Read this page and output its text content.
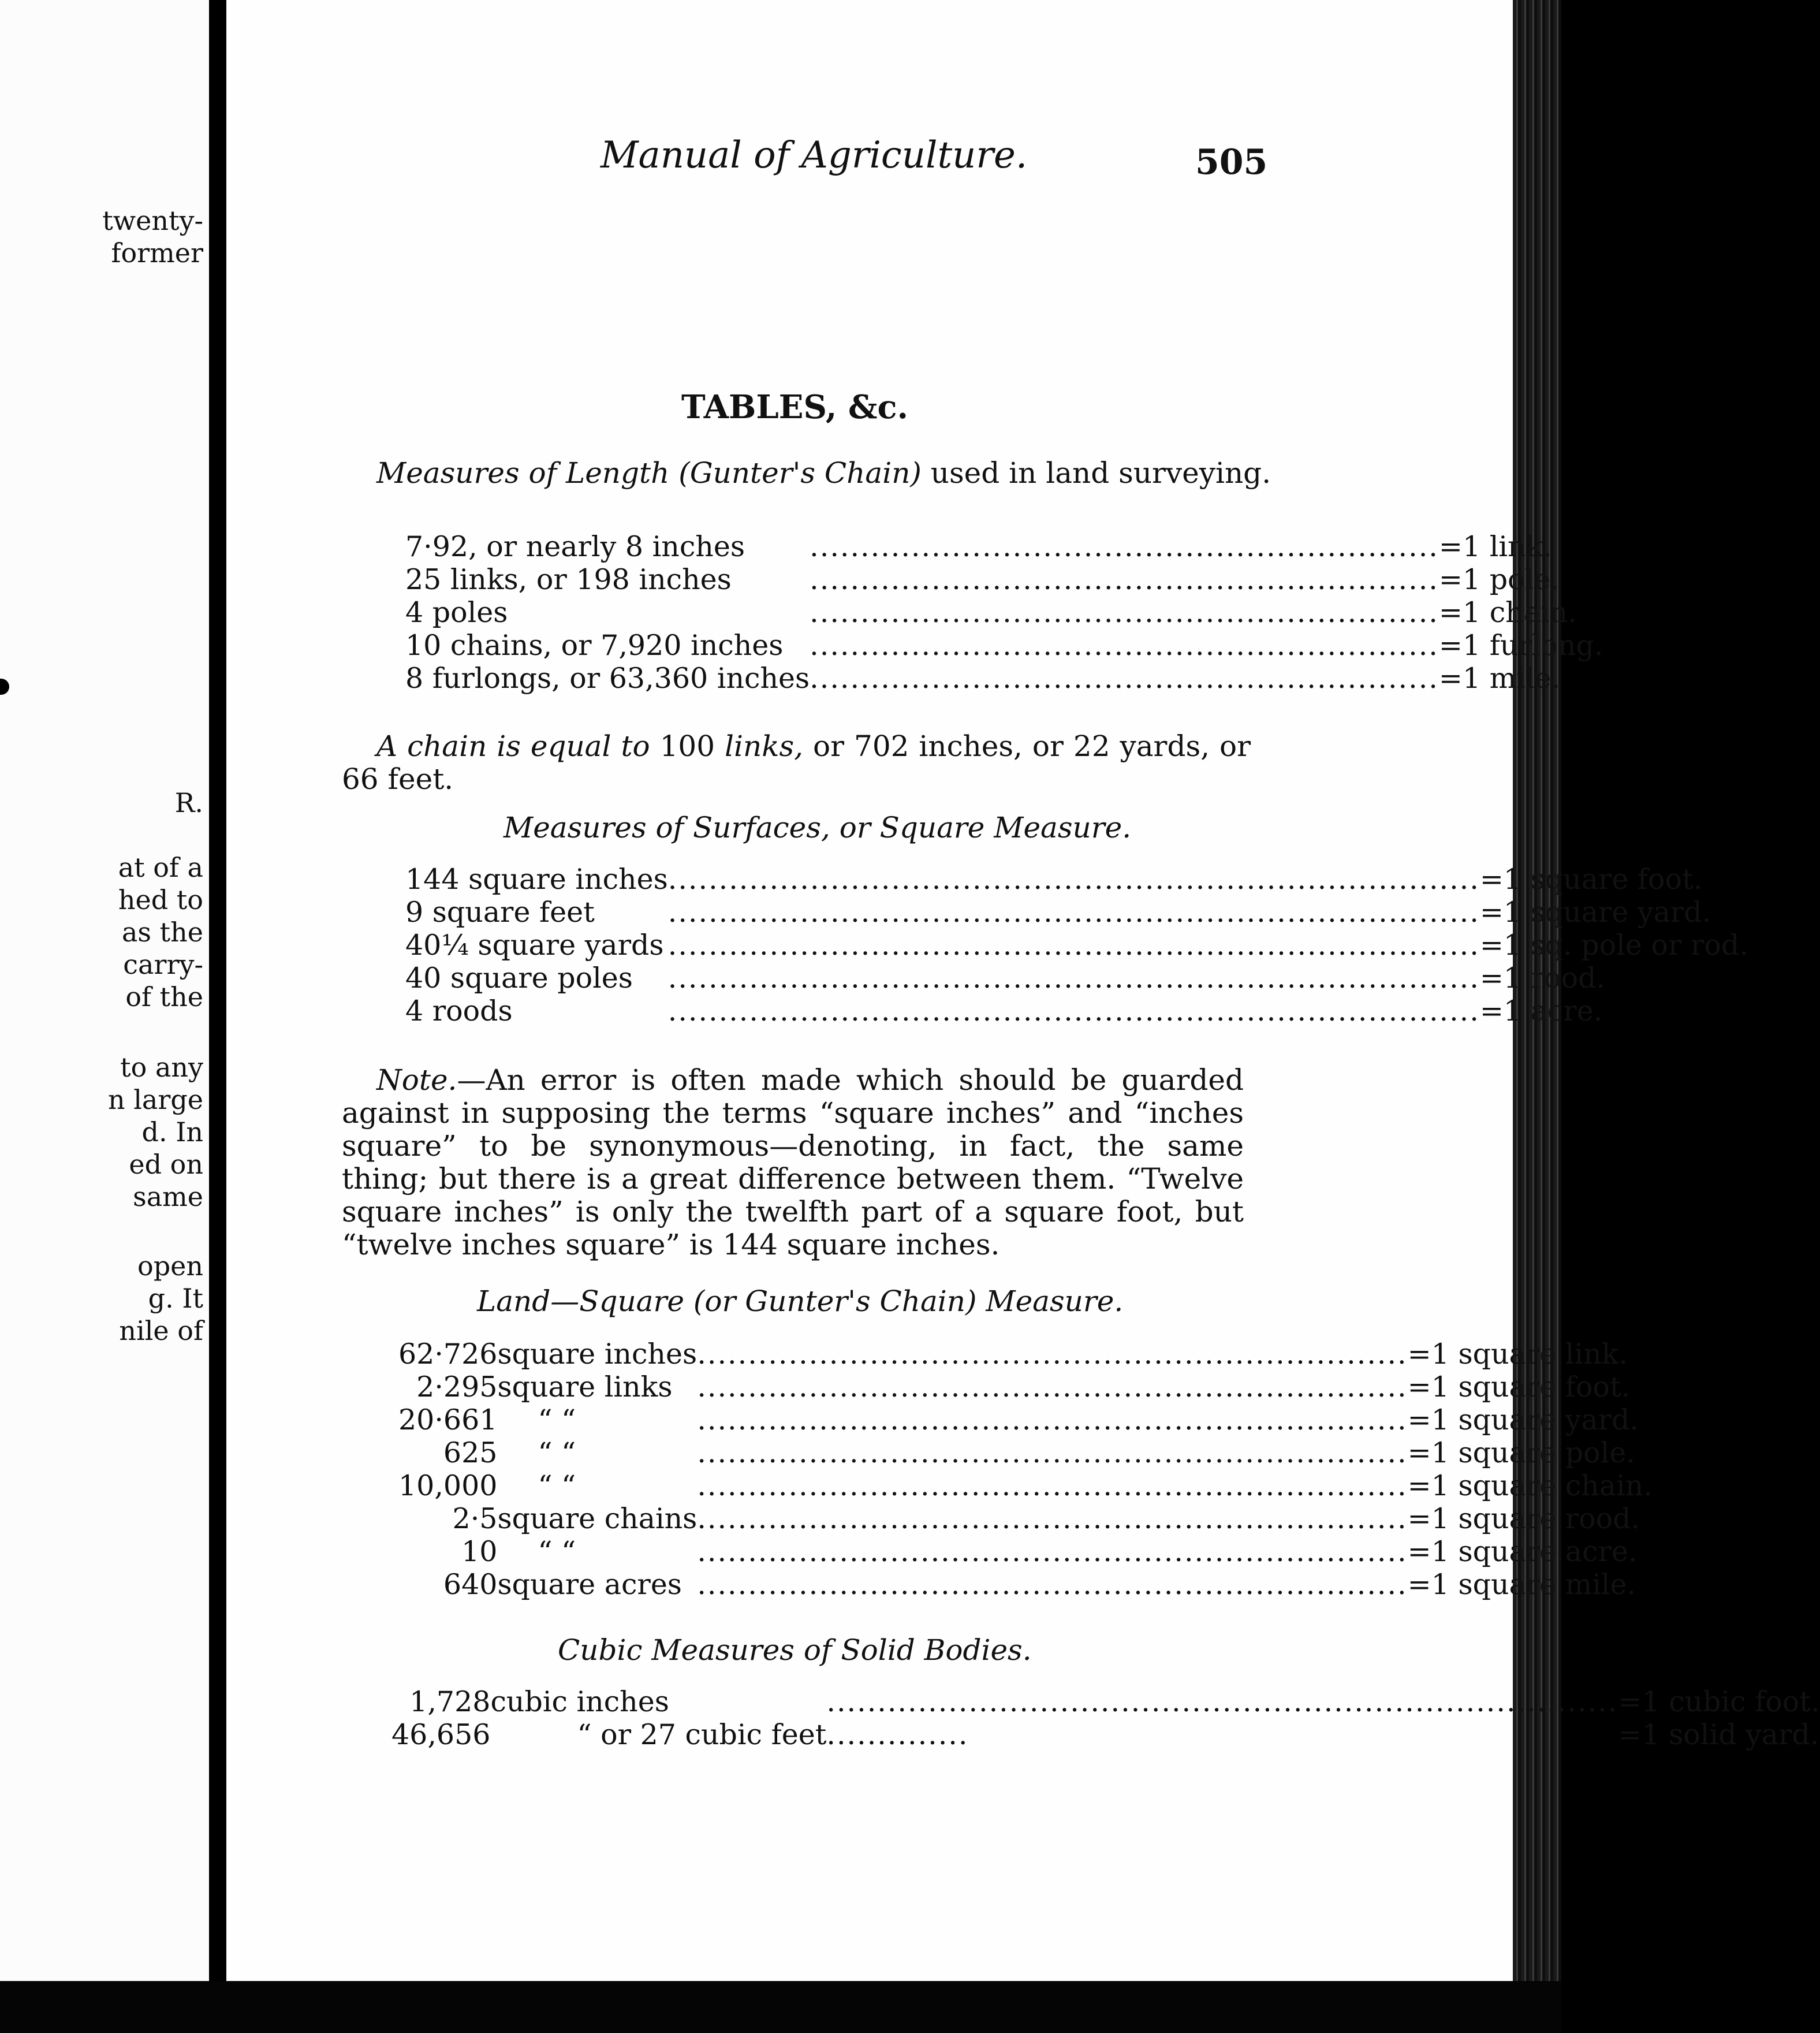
twenty-
former
R.
at of a
hed to
as the
carry-
of the
to any
n large
d. In
ed on
same
open
g. It
nile of
Manual of Agriculture.	505
TABLES, &c.
Measures of Length (Gunter's Chain) used in land surveying.
7·92, or nearly 8 inches	..............................................................	=	1 link.
25 links, or 198 inches	..............................................................	=	1 pole.
4 poles	..............................................................	=	1 chain.
10 chains, or 7,920 inches	..............................................................	=	1 furlong.
8 furlongs, or 63,360 inches	..............................................................	=	1 mile.
A chain is equal to 100 links, or 702 inches, or 22 yards, or 66 feet.
Measures of Surfaces, or Square Measure.
144 square inches	................................................................................	=	1 square foot.
9 square feet	................................................................................	=	1 square yard.
40¼ square yards	................................................................................	=	1 sq. pole or rod.
40 square poles	................................................................................	=	1 rood.
4 roods	................................................................................	=	1 acre.
Note.—An error is often made which should be guarded against in supposing the terms “square inches” and “inches square” to be synonymous—denoting, in fact, the same thing; but there is a great difference between them. “Twelve square inches” is only the twelfth part of a square foot, but “twelve inches square” is 144 square inches.
Land—Square (or Gunter's Chain) Measure.
62·726	square inches	......................................................................	=	1 square link.
2·295	square links	......................................................................	=	1 square foot.
20·661	“ “	......................................................................	=	1 square yard.
625	“ “	......................................................................	=	1 square pole.
10,000	“ “	......................................................................	=	1 square chain.
2·5	square chains	......................................................................	=	1 square rood.
10	“ “	......................................................................	=	1 square acre.
640	square acres	......................................................................	=	1 square mile.
Cubic Measures of Solid Bodies.
1,728	cubic inches	..............................................................................	=	1 cubic foot.
46,656	“ or 27 cubic feet	..............	=	1 solid yard.
